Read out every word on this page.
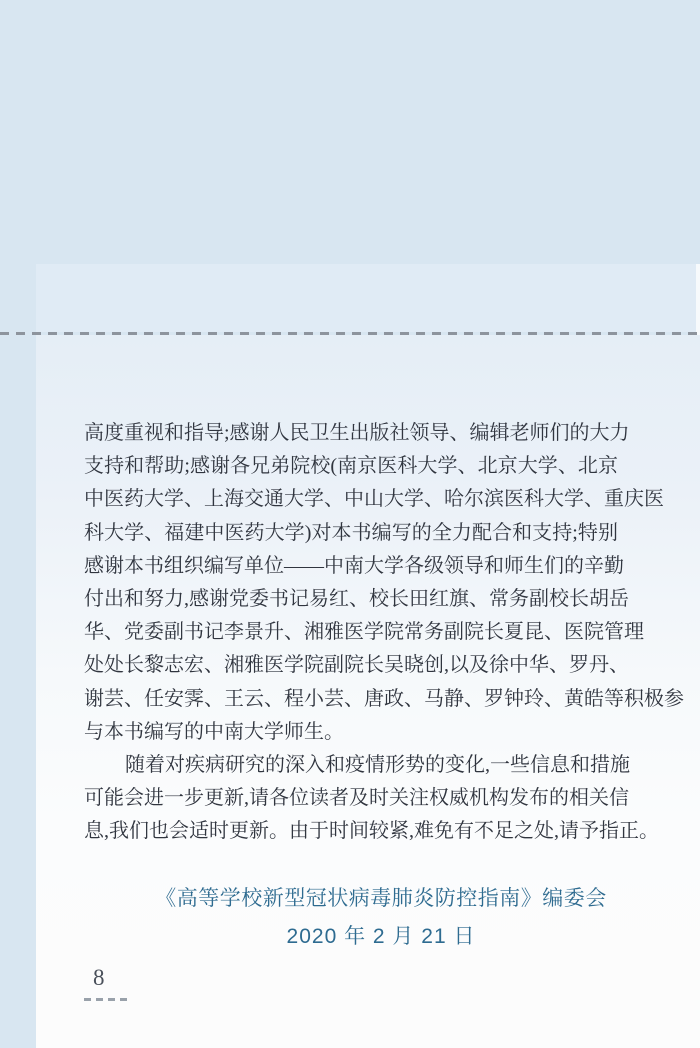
高度重视和指导;感谢人民卫生出版社领导、编辑老师们的大力
支持和帮助;感谢各兄弟院校(南京医科大学、北京大学、北京
中医药大学、上海交通大学、中山大学、哈尔滨医科大学、重庆医
科大学、福建中医药大学)对本书编写的全力配合和支持;特别
感谢本书组织编写单位——中南大学各级领导和师生们的辛勤
付出和努力,感谢党委书记易红、校长田红旗、常务副校长胡岳
华、党委副书记李景升、湘雅医学院常务副院长夏昆、医院管理
处处长黎志宏、湘雅医学院副院长吴晓创,以及徐中华、罗丹、
谢芸、任安霁、王云、程小芸、唐政、马静、罗钟玲、黄皓等积极参
与本书编写的中南大学师生。
随着对疾病研究的深入和疫情形势的变化,一些信息和措施
可能会进一步更新,请各位读者及时关注权威机构发布的相关信
息,我们也会适时更新。由于时间较紧,难免有不足之处,请予指正。
《高等学校新型冠状病毒肺炎防控指南》编委会
2020 年 2 月 21 日
8
